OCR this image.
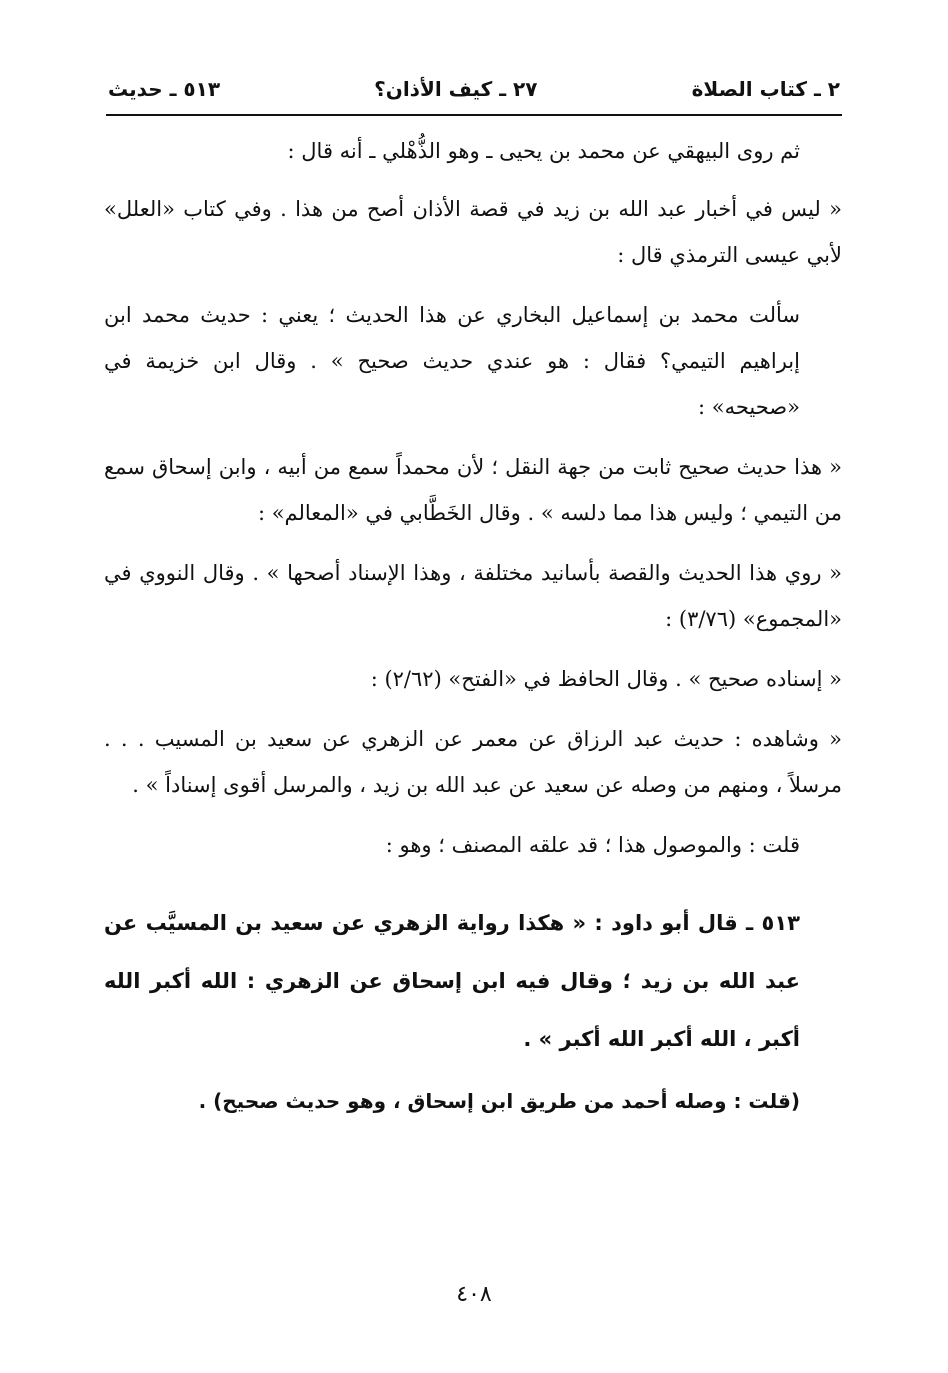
٢ ـ كتاب الصلاة
٢٧ ـ كيف الأذان؟
٥١٣ ـ حديث

ثم روى البيهقي عن محمد بن يحيى ـ وهو الذُّهْلي ـ أنه قال :

« ليس في أخبار عبد الله بن زيد في قصة الأذان أصح من هذا . وفي كتاب «العلل» لأبي عيسى الترمذي قال :

سألت محمد بن إسماعيل البخاري عن هذا الحديث ؛ يعني : حديث محمد ابن إبراهيم التيمي؟ فقال : هو عندي حديث صحيح » . وقال ابن خزيمة في «صحيحه» :

« هذا حديث صحيح ثابت من جهة النقل ؛ لأن محمداً سمع من أبيه ، وابن إسحاق سمع من التيمي ؛ وليس هذا مما دلسه » . وقال الخَطَّابي في «المعالم» :

« روي هذا الحديث والقصة بأسانيد مختلفة ، وهذا الإسناد أصحها » . وقال النووي في «المجموع» (٣/٧٦) :

« إسناده صحيح » . وقال الحافظ في «الفتح» (٢/٦٢) :

« وشاهده : حديث عبد الرزاق عن معمر عن الزهري عن سعيد بن المسيب . . . مرسلاً ، ومنهم من وصله عن سعيد عن عبد الله بن زيد ، والمرسل أقوى إسناداً » .

قلت : والموصول هذا ؛ قد علقه المصنف ؛ وهو :

٥١٣ ـ قال أبو داود : « هكذا رواية الزهري عن سعيد بن المسيَّب عن عبد الله بن زيد ؛ وقال فيه ابن إسحاق عن الزهري : الله أكبر الله أكبر ، الله أكبر الله أكبر » .

(قلت : وصله أحمد من طريق ابن إسحاق ، وهو حديث صحيح) .

٤٠٨
